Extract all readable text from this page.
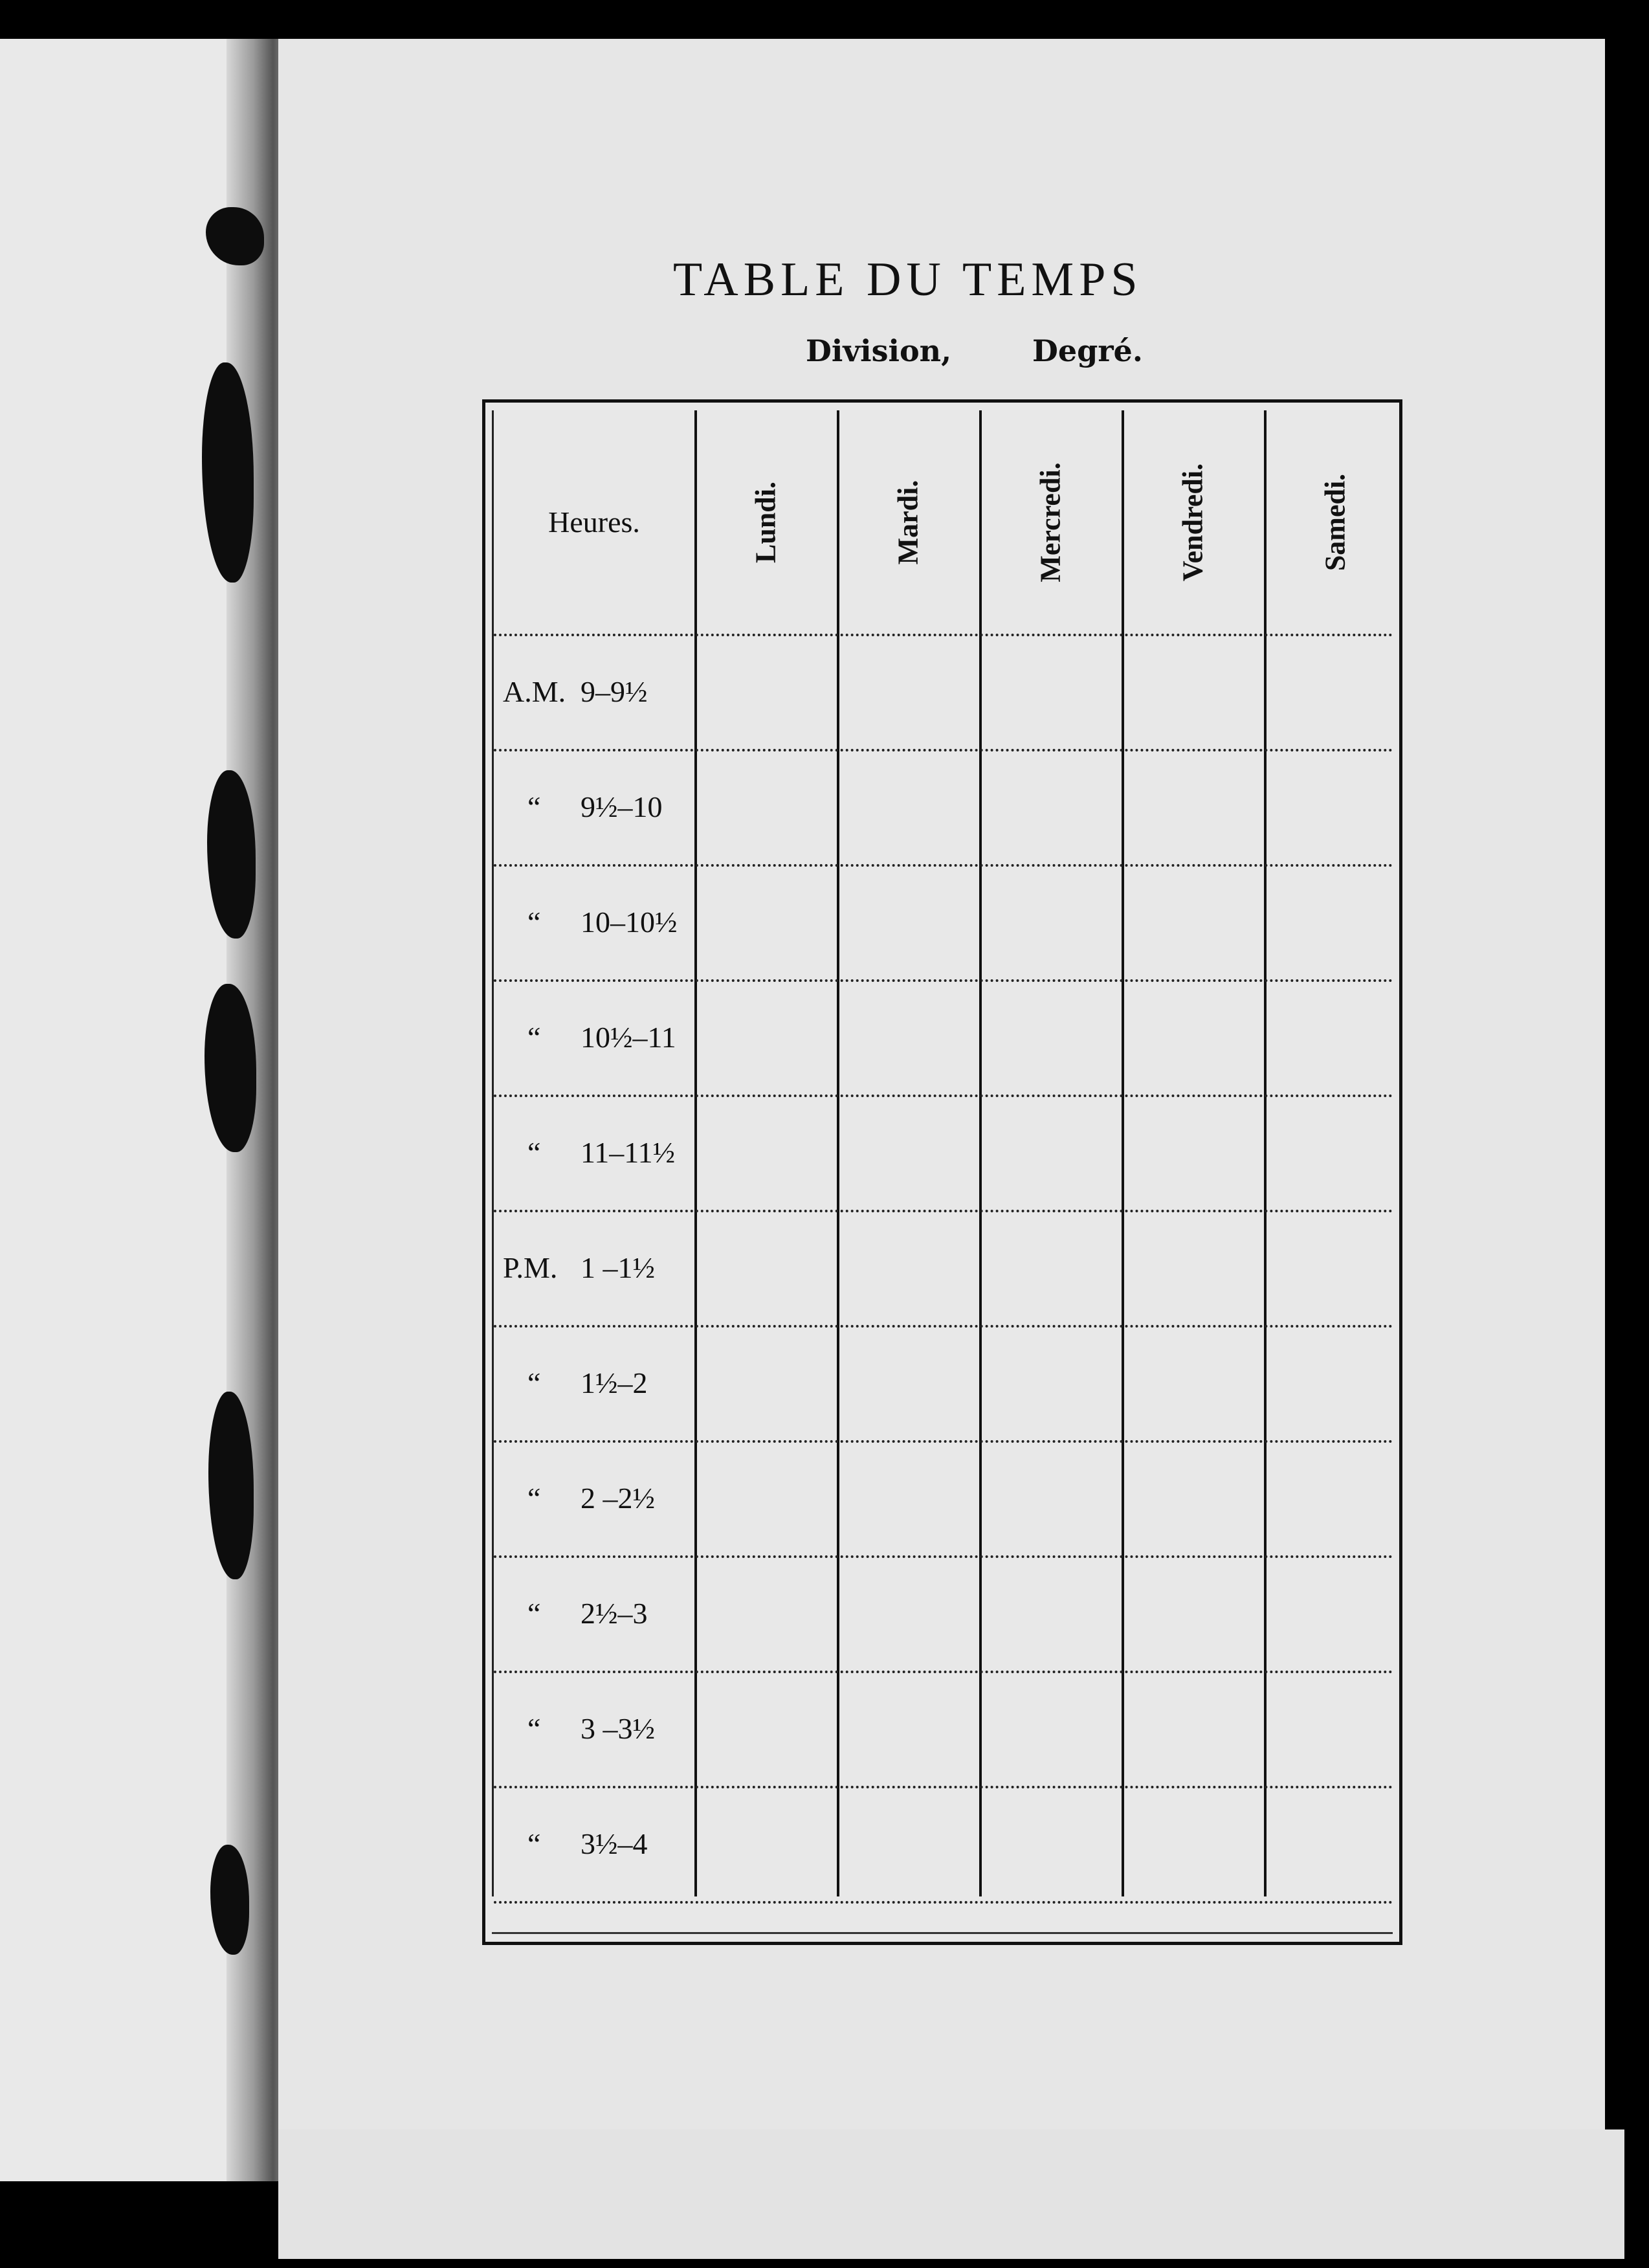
TABLE DU TEMPS
Division,	Degré.
Heures.	Lundi.	Mardi.	Mercredi.	Vendredi.	Samedi.
A.M. 9–9½
“	9½–10
“	10–10½
“	10½–11
“	11–11½
P.M. 1 –1½
“	1½–2
“	2 –2½
“	2½–3
“	3 –3½
“	3½–4
